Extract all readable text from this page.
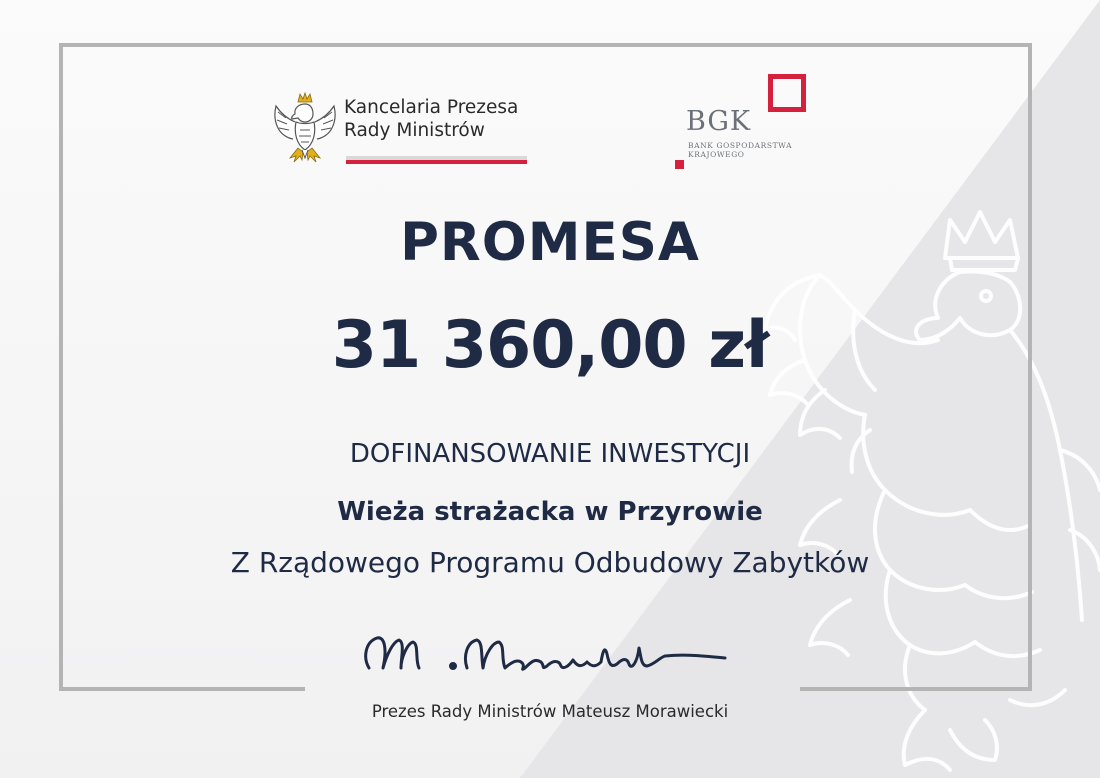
Kancelaria Prezesa
Rady Ministrów	BGK
BANK GOSPODARSTWA
KRAJOWEGO
PROMESA
31 360,00 zł
DOFINANSOWANIE INWESTYCJI
Wieża strażacka w Przyrowie
Z Rządowego Programu Odbudowy Zabytków
Prezes Rady Ministrów Mateusz Morawiecki
